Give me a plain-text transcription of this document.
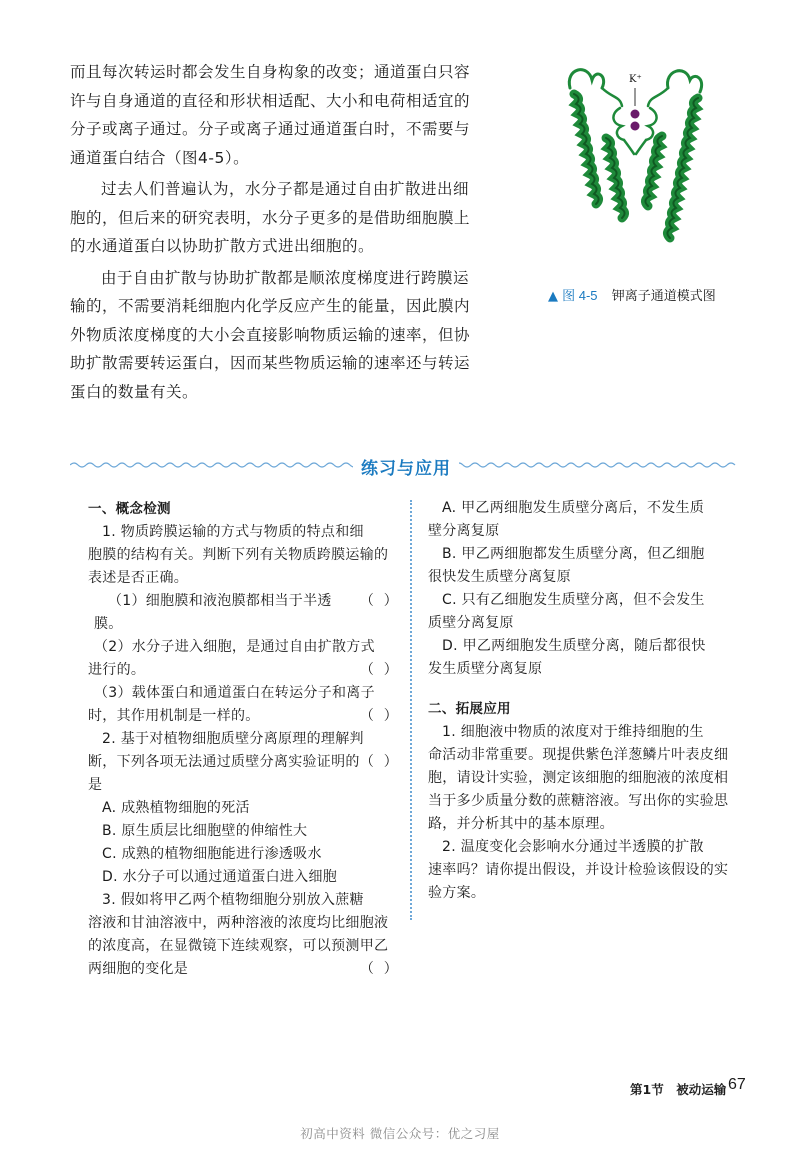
而且每次转运时都会发生自身构象的改变；通道蛋白只容

许与自身通道的直径和形状相适配、大小和电荷相适宜的

分子或离子通过。分子或离子通过通道蛋白时，不需要与

通道蛋白结合（图4-5）。

过去人们普遍认为，水分子都是通过自由扩散进出细

胞的，但后来的研究表明，水分子更多的是借助细胞膜上

的水通道蛋白以协助扩散方式进出细胞的。

由于自由扩散与协助扩散都是顺浓度梯度进行跨膜运

输的，不需要消耗细胞内化学反应产生的能量，因此膜内

外物质浓度梯度的大小会直接影响物质运输的速率，但协

助扩散需要转运蛋白，因而某些物质运输的速率还与转运

蛋白的数量有关。

K⁺
▲ 图 4-5 钾离子通道模式图
练习与应用

一、概念检测

1. 物质跨膜运输的方式与物质的特点和细

胞膜的结构有关。判断下列有关物质跨膜运输的

表述是否正确。

（1）细胞膜和液泡膜都相当于半透膜。
（  ）

（2）水分子进入细胞，是通过自由扩散方式

进行的。	（  ）

（3）载体蛋白和通道蛋白在转运分子和离子

时，其作用机制是一样的。	（  ）

2. 基于对植物细胞质壁分离原理的理解判

断，下列各项无法通过质壁分离实验证明的是
（  ）

A. 成熟植物细胞的死活

B. 原生质层比细胞壁的伸缩性大

C. 成熟的植物细胞能进行渗透吸水

D. 水分子可以通过通道蛋白进入细胞

3. 假如将甲乙两个植物细胞分别放入蔗糖

溶液和甘油溶液中，两种溶液的浓度均比细胞液

的浓度高，在显微镜下连续观察，可以预测甲乙

两细胞的变化是	（  ）

A. 甲乙两细胞发生质壁分离后，不发生质

壁分离复原

B. 甲乙两细胞都发生质壁分离，但乙细胞

很快发生质壁分离复原

C. 只有乙细胞发生质壁分离，但不会发生

质壁分离复原

D. 甲乙两细胞发生质壁分离，随后都很快

发生质壁分离复原

二、拓展应用

1. 细胞液中物质的浓度对于维持细胞的生

命活动非常重要。现提供紫色洋葱鳞片叶表皮细

胞，请设计实验，测定该细胞的细胞液的浓度相

当于多少质量分数的蔗糖溶液。写出你的实验思

路，并分析其中的基本原理。

2. 温度变化会影响水分通过半透膜的扩散

速率吗？请你提出假设，并设计检验该假设的实

验方案。

第1节　被动运输 67
初高中资料 微信公众号：优之习屋
